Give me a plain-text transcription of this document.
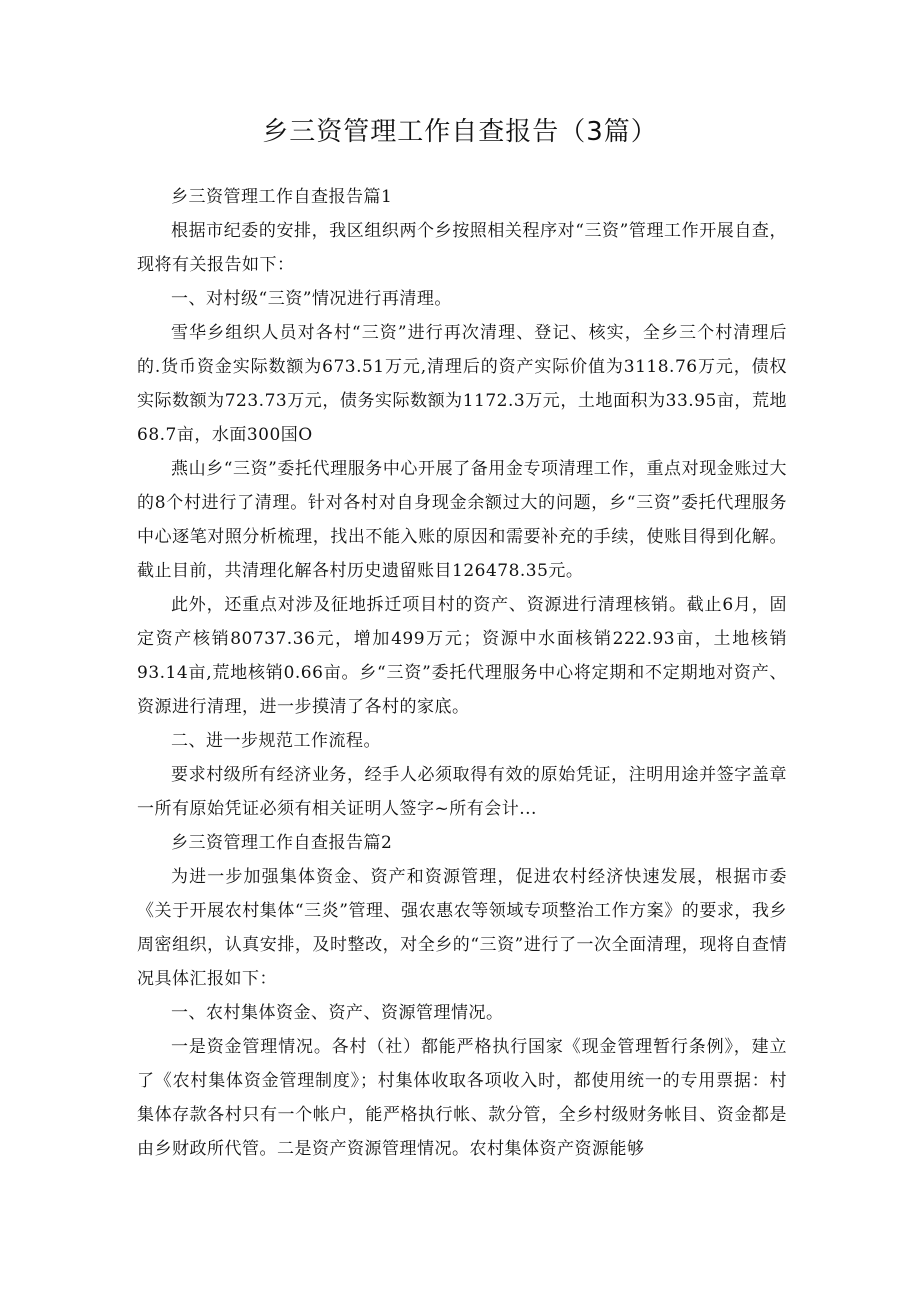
乡三资管理工作自查报告（3篇）

乡三资管理工作自查报告篇1

根据市纪委的安排，我区组织两个乡按照相关程序对“三资”管理工作开展自查，现将有关报告如下：

一、对村级“三资”情况进行再清理。

雪华乡组织人员对各村“三资”进行再次清理、登记、核实，全乡三个村清理后的.货币资金实际数额为673.51万元,清理后的资产实际价值为3118.76万元，债权实际数额为723.73万元，债务实际数额为1172.3万元，土地面积为33.95亩，荒地68.7亩，水面300国O

燕山乡“三资”委托代理服务中心开展了备用金专项清理工作，重点对现金账过大的8个村进行了清理。针对各村对自身现金余额过大的问题，乡“三资”委托代理服务中心逐笔对照分析梳理，找出不能入账的原因和需要补充的手续，使账目得到化解。截止目前，共清理化解各村历史遗留账目126478.35元。

此外，还重点对涉及征地拆迁项目村的资产、资源进行清理核销。截止6月，固定资产核销80737.36元，增加499万元；资源中水面核销222.93亩，土地核销93.14亩,荒地核销0.66亩。乡“三资”委托代理服务中心将定期和不定期地对资产、资源进行清理，进一步摸清了各村的家底。

二、进一步规范工作流程。

要求村级所有经济业务，经手人必须取得有效的原始凭证，注明用途并签字盖章一所有原始凭证必须有相关证明人签字~所有会计...

乡三资管理工作自查报告篇2

为进一步加强集体资金、资产和资源管理，促进农村经济快速发展，根据市委《关于开展农村集体“三炎”管理、强农惠农等领域专项整治工作方案》的要求，我乡周密组织，认真安排，及时整改，对全乡的“三资”进行了一次全面清理，现将自查情况具体汇报如下：

一、农村集体资金、资产、资源管理情况。

一是资金管理情况。各村（社）都能严格执行国家《现金管理暂行条例》，建立了《农村集体资金管理制度》；村集体收取各项收入时，都使用统一的专用票据：村集体存款各村只有一个帐户，能严格执行帐、款分管，全乡村级财务帐目、资金都是由乡财政所代管。二是资产资源管理情况。农村集体资产资源能够
